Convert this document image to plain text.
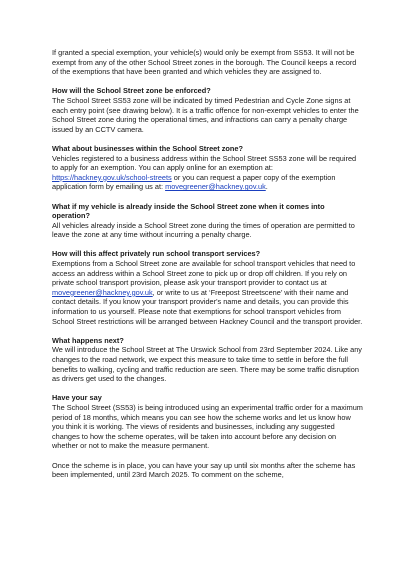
If granted a special exemption, your vehicle(s) would only be exempt from SS53. It will not be exempt from any of the other School Street zones in the borough. The Council keeps a record of the exemptions that have been granted and which vehicles they are assigned to.

How will the School Street zone be enforced?

The School Street SS53 zone will be indicated by timed Pedestrian and Cycle Zone signs at each entry point (see drawing below). It is a traffic offence for non-exempt vehicles to enter the School Street zone during the operational times, and infractions can carry a penalty charge issued by an CCTV camera.

What about businesses within the School Street zone?

Vehicles registered to a business address within the School Street SS53 zone will be required to apply for an exemption. You can apply online for an exemption at: https://hackney.gov.uk/school-streets or you can request a paper copy of the exemption application form by emailing us at: movegreener@hackney.gov.uk.

What if my vehicle is already inside the School Street zone when it comes into operation?

All vehicles already inside a School Street zone during the times of operation are permitted to leave the zone at any time without incurring a penalty charge.

How will this affect privately run school transport services?

Exemptions from a School Street zone are available for school transport vehicles that need to access an address within a School Street zone to pick up or drop off children. If you rely on private school transport provision, please ask your transport provider to contact us at movegreener@hackney.gov.uk, or write to us at ‘Freepost Streetscene’ with their name and contact details. If you know your transport provider's name and details, you can provide this information to us yourself. Please note that exemptions for school transport vehicles from School Street restrictions will be arranged between Hackney Council and the transport provider.

What happens next?

We will introduce the School Street at The Urswick School from 23rd September 2024. Like any changes to the road network, we expect this measure to take time to settle in before the full benefits to walking, cycling and traffic reduction are seen. There may be some traffic disruption as drivers get used to the changes.

Have your say

The School Street (SS53) is being introduced using an experimental traffic order for a maximum period of 18 months, which means you can see how the scheme works and let us know how you think it is working. The views of residents and businesses, including any suggested changes to how the scheme operates, will be taken into account before any decision on whether or not to make the measure permanent.

Once the scheme is in place, you can have your say up until six months after the scheme has been implemented, until 23rd March 2025. To comment on the scheme,
